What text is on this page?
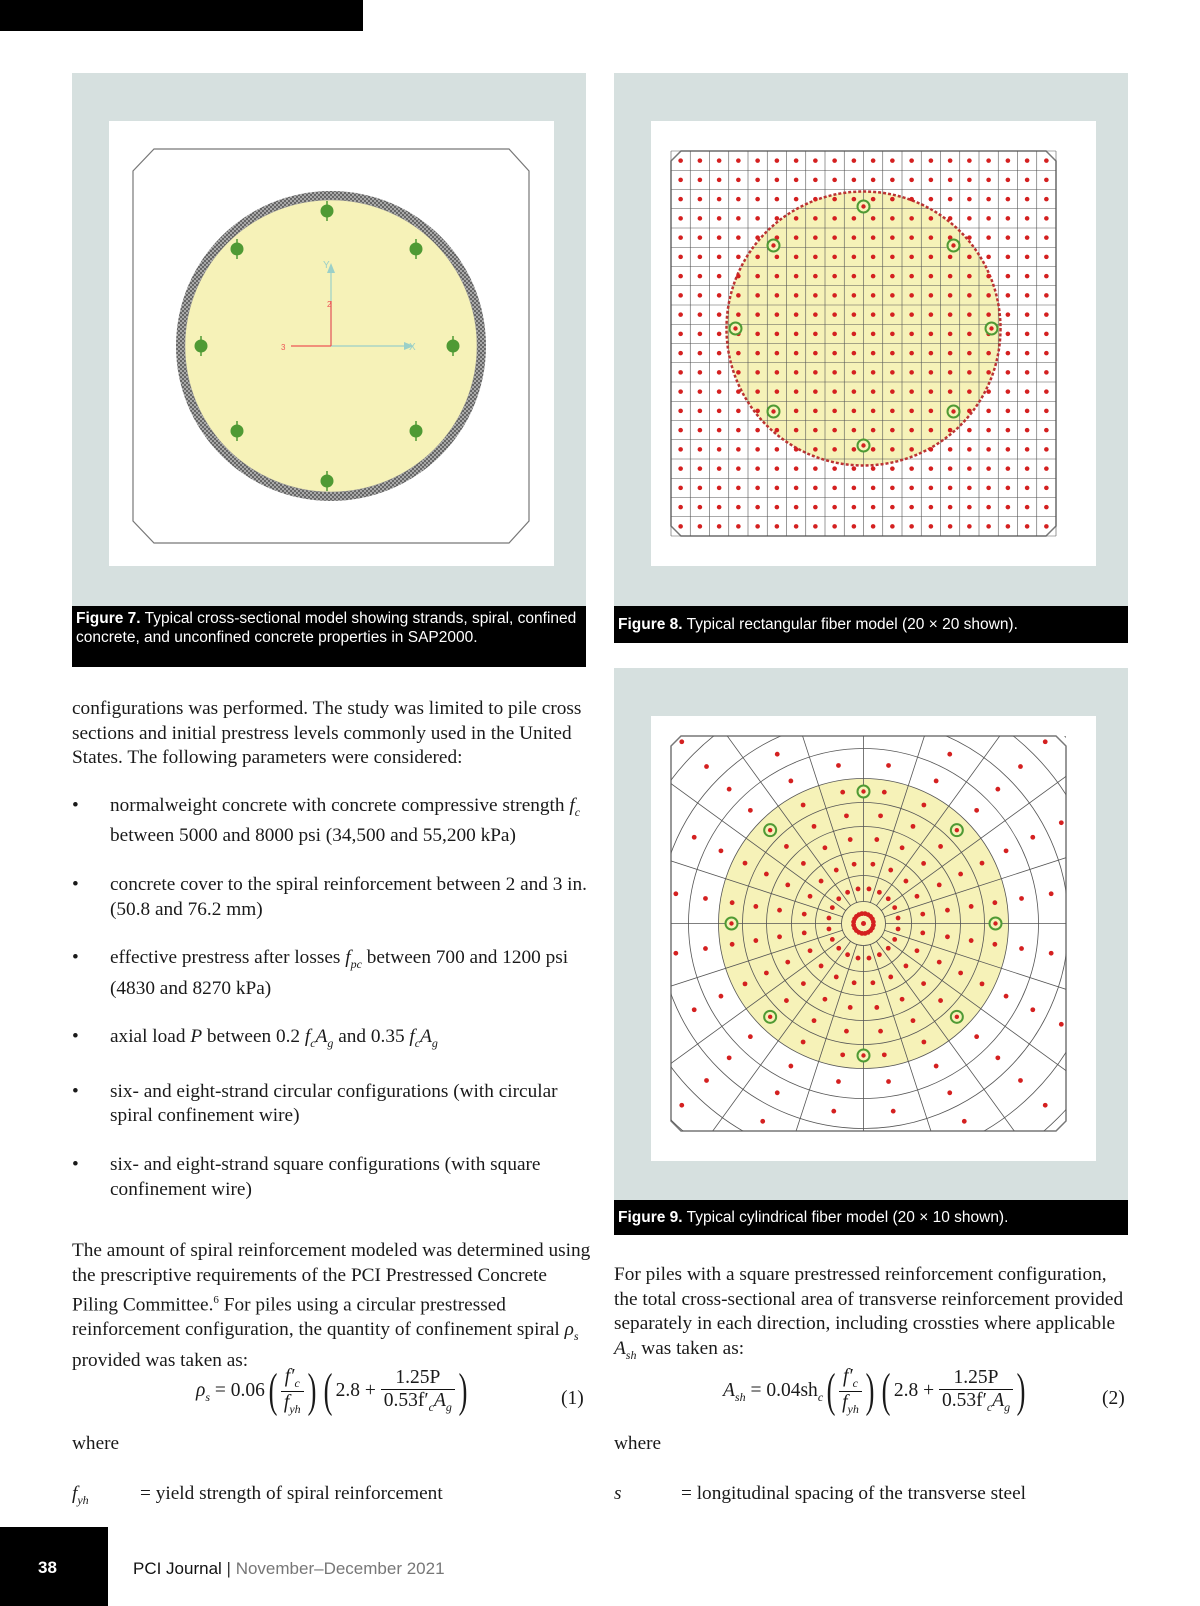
Y
X
3
2
Figure 7. Typical cross-sectional model showing strands, spiral, confined concrete, and unconfined concrete properties in SAP2000.
Figure 8. Typical rectangular fiber model (20 × 20 shown).
Figure 9. Typical cylindrical fiber model (20 × 10 shown).
configurations was performed. The study was limited to pile cross sections and initial prestress levels commonly used in the United States. The following parameters were considered:
• normalweight concrete with concrete compressive strength $f_c$ between 5000 and 8000 psi (34,500 and 55,200 kPa)
• concrete cover to the spiral reinforcement between 2 and 3 in. (50.8 and 76.2 mm)
• effective prestress after losses $f_{pc}$ between 700 and 1200 psi (4830 and 8270 kPa)
• axial load P between 0.2 $f_cA_g$ and 0.35 $f_cA_g$
• six- and eight-strand circular configurations (with circular spiral confinement wire)
• six- and eight-strand square configurations (with square confinement wire)
The amount of spiral reinforcement modeled was determined using the prescriptive requirements of the PCI Prestressed Concrete Piling Committee.$^6$ For piles using a circular prestressed reinforcement configuration, the quantity of confinement spiral $\rho_s$ provided was taken as:
$\rho_s = 0.06( \frac{f'_c}{f_{yh}}$ ) ( $2.8 + \frac{1.25P}{0.53f'_cA_g}$ )	(1)
where
$f_{yh}$	= yield strength of spiral reinforcement
For piles with a square prestressed reinforcement configuration, the total cross-sectional area of transverse reinforcement provided separately in each direction, including crossties where applicable $A_{sh}$ was taken as:
$A_{sh} = 0.04sh_c( \frac{f'_c}{f_{yh}}$ ) ( $2.8 + \frac{1.25P}{0.53f'_cA_g}$ )	(2)
where
s	= longitudinal spacing of the transverse steel
38	PCI Journal | November–December 2021
